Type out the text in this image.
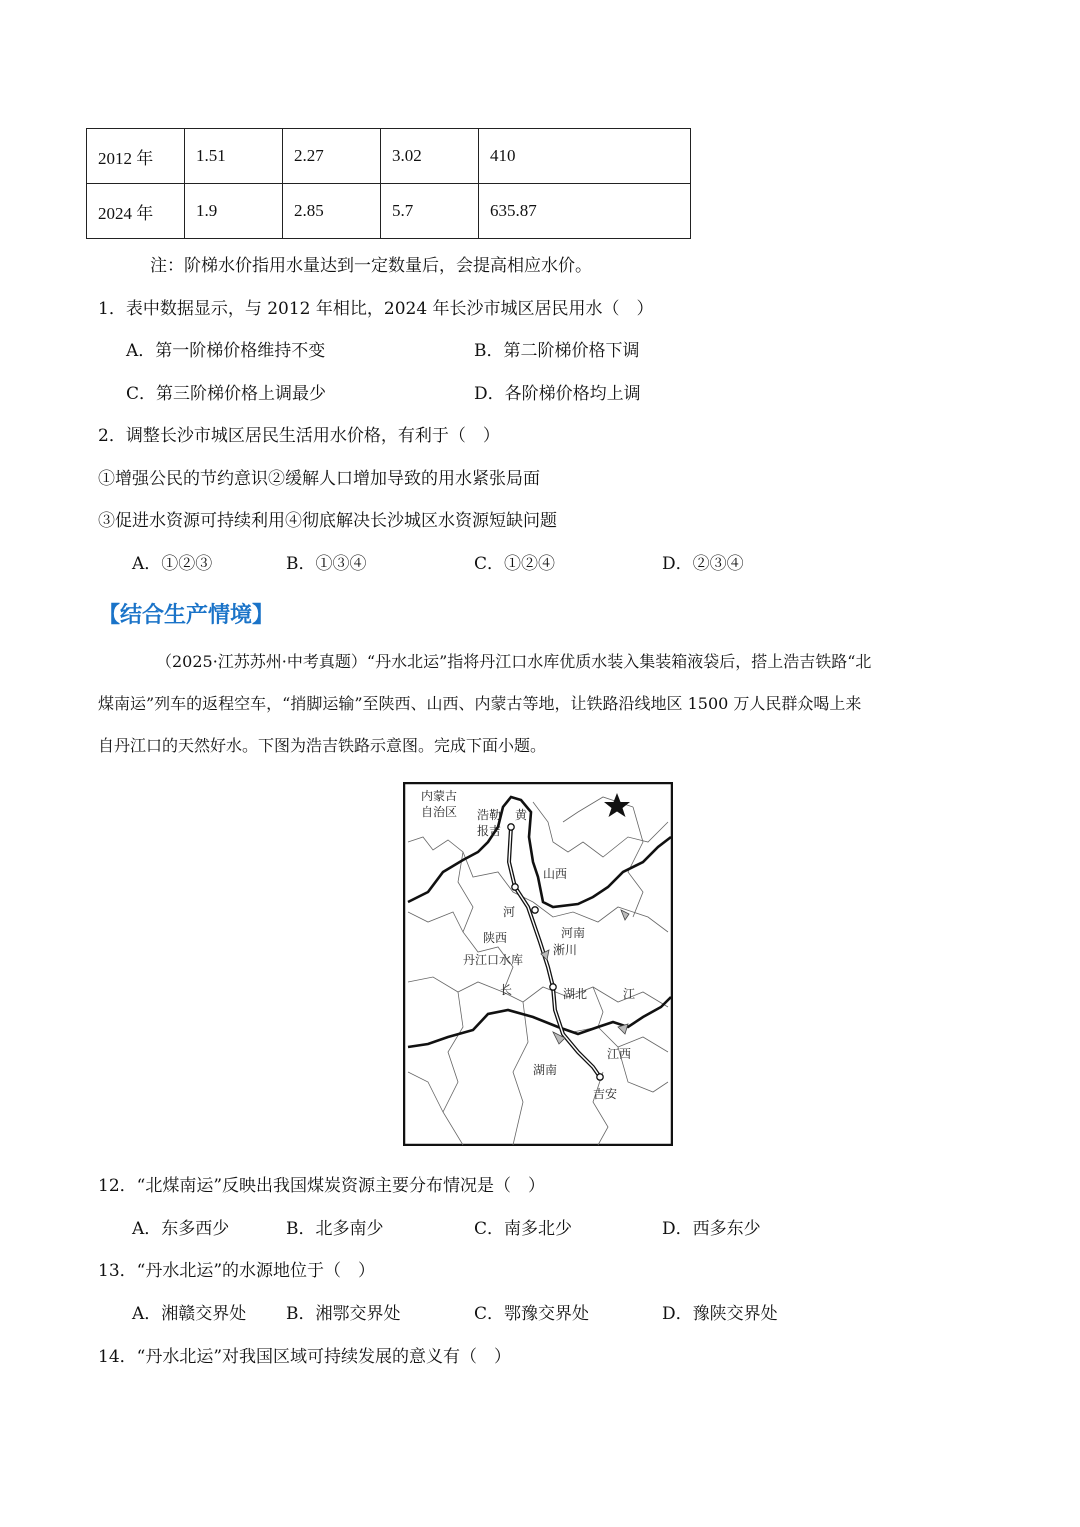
2012 年	1.51	2.27	3.02	410
2024 年	1.9	2.85	5.7	635.87
注：阶梯水价指用水量达到一定数量后，会提高相应水价。
1．表中数据显示，与 2012 年相比，2024 年长沙市城区居民用水（　）
A．第一阶梯价格维持不变	B．第二阶梯价格下调
C．第三阶梯价格上调最少	D．各阶梯价格均上调
2．调整长沙市城区居民生活用水价格，有利于（　）
①增强公民的节约意识②缓解人口增加导致的用水紧张局面
③促进水资源可持续利用④彻底解决长沙城区水资源短缺问题
A．①②③	B．①③④	C．①②④	D．②③④
【结合生产情境】
（2025·江苏苏州·中考真题）“丹水北运”指将丹江口水库优质水装入集装箱液袋后，搭上浩吉铁路“北
煤南运”列车的返程空车，“捎脚运输”至陕西、山西、内蒙古等地，让铁路沿线地区 1500 万人民群众喝上来
自丹江口的天然好水。下图为浩吉铁路示意图。完成下面小题。
内蒙古
自治区 浩勒
报吉
黄
山西
河
陕西	河南
淅川
丹江口水库
长	湖北	江
江西
湖南
吉安
12．“北煤南运”反映出我国煤炭资源主要分布情况是（　）
A．东多西少	B．北多南少	C．南多北少	D．西多东少
13．“丹水北运”的水源地位于（　）
A．湘赣交界处 B．湘鄂交界处	C．鄂豫交界处	D．豫陕交界处
14．“丹水北运”对我国区域可持续发展的意义有（　）
